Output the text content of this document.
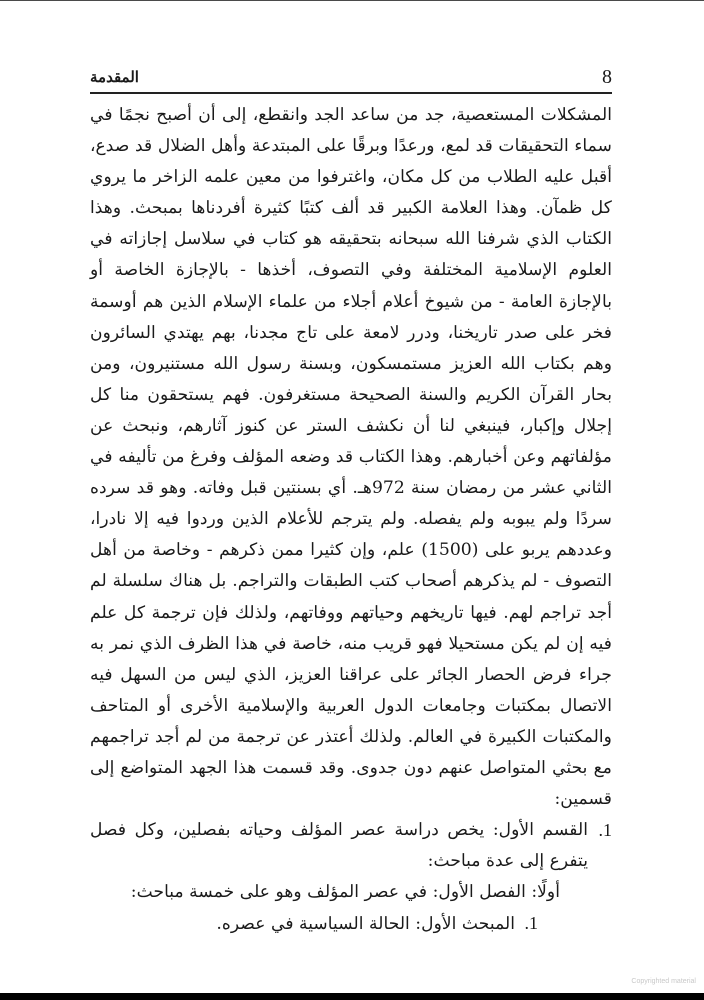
المقدمة	8

المشكلات المستعصية، جد من ساعد الجد وانقطع، إلى أن أصبح نجمًا في سماء التحقيقات قد لمع، ورعدًا وبرقًا على المبتدعة وأهل الضلال قد صدع، أقبل عليه الطلاب من كل مكان، واغترفوا من معين علمه الزاخر ما يروي كل ظمآن. وهذا العلامة الكبير قد ألف كتبًا كثيرة أفردناها بمبحث. وهذا الكتاب الذي شرفنا الله سبحانه بتحقيقه هو كتاب في سلاسل إجازاته في العلوم الإسلامية المختلفة وفي التصوف، أخذها - بالإجازة الخاصة أو بالإجازة العامة - من شيوخ أعلام أجلاء من علماء الإسلام الذين هم أوسمة فخر على صدر تاريخنا، ودرر لامعة على تاج مجدنا، بهم يهتدي السائرون وهم بكتاب الله العزيز مستمسكون، وبسنة رسول الله مستنيرون، ومن بحار القرآن الكريم والسنة الصحيحة مستغرفون. فهم يستحقون منا كل إجلال وإكبار، فينبغي لنا أن نكشف الستر عن كنوز آثارهم، ونبحث عن مؤلفاتهم وعن أخبارهم. وهذا الكتاب قد وضعه المؤلف وفرغ من تأليفه في الثاني عشر من رمضان سنة 972هـ. أي بسنتين قبل وفاته. وهو قد سرده سردًا ولم يبوبه ولم يفصله. ولم يترجم للأعلام الذين وردوا فيه إلا نادرا، وعددهم يربو على (1500) علم، وإن كثيرا ممن ذكرهم - وخاصة من أهل التصوف - لم يذكرهم أصحاب كتب الطبقات والتراجم. بل هناك سلسلة لم أجد تراجم لهم. فيها تاريخهم وحياتهم ووفاتهم، ولذلك فإن ترجمة كل علم فيه إن لم يكن مستحيلا فهو قريب منه، خاصة في هذا الظرف الذي نمر به جراء فرض الحصار الجائر على عراقنا العزيز، الذي ليس من السهل فيه الاتصال بمكتبات وجامعات الدول العربية والإسلامية الأخرى أو المتاحف والمكتبات الكبيرة في العالم. ولذلك أعتذر عن ترجمة من لم أجد تراجمهم مع بحثي المتواصل عنهم دون جدوى. وقد قسمت هذا الجهد المتواضع إلى قسمين:

1.
القسم الأول: يخص دراسة عصر المؤلف وحياته بفصلين، وكل فصل يتفرع إلى عدة مباحث:
أولًا: الفصل الأول: في عصر المؤلف وهو على خمسة مباحث:
1. المبحث الأول: الحالة السياسية في عصره.
Copyrighted material
